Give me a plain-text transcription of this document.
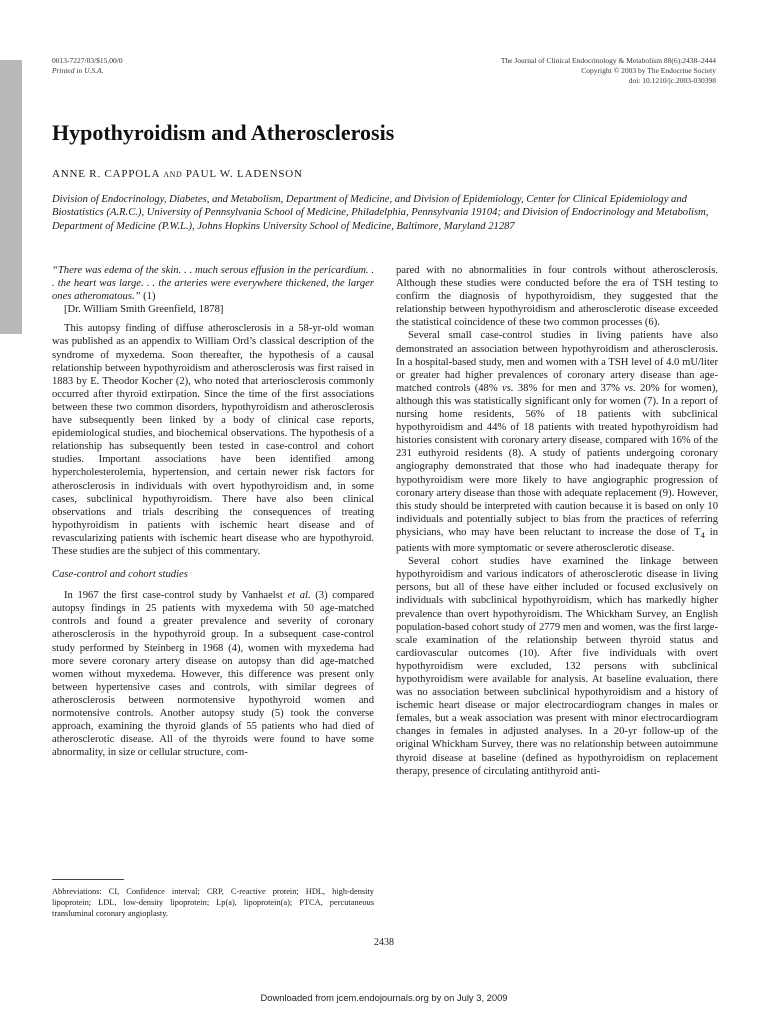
0013-7227/03/$15.00/0
Printed in U.S.A.
The Journal of Clinical Endocrinology & Metabolism 88(6):2438–2444
Copyright © 2003 by The Endocrine Society
doi: 10.1210/jc.2003-030398
Hypothyroidism and Atherosclerosis
ANNE R. CAPPOLA AND PAUL W. LADENSON
Division of Endocrinology, Diabetes, and Metabolism, Department of Medicine, and Division of Epidemiology, Center for Clinical Epidemiology and Biostatistics (A.R.C.), University of Pennsylvania School of Medicine, Philadelphia, Pennsylvania 19104; and Division of Endocrinology and Metabolism, Department of Medicine (P.W.L.), Johns Hopkins University School of Medicine, Baltimore, Maryland 21287

“There was edema of the skin. . . much serous effusion in the pericardium. . . the heart was large. . . the arteries were everywhere thickened, the larger ones atheromatous.” (1)

[Dr. William Smith Greenfield, 1878]

This autopsy finding of diffuse atherosclerosis in a 58-yr-old woman was published as an appendix to William Ord’s classical description of the syndrome of myxedema. Soon thereafter, the hypothesis of a causal relationship between hypothyroidism and atherosclerosis was first raised in 1883 by E. Theodor Kocher (2), who noted that arteriosclerosis commonly occurred after thyroid extirpation. Since the time of the first associations between these two common disorders, hypothyroidism and atherosclerosis have subsequently been linked by a body of clinical case reports, epidemiological studies, and biochemical observations. The hypothesis of a relationship has subsequently been tested in case-control and cohort studies. Important associations have been identified among hypercholesterolemia, hypertension, and certain newer risk factors for atherosclerosis in individuals with overt hypothyroidism and, in some cases, subclinical hypothyroidism. There have also been clinical observations and trials describing the consequences of treating hypothyroidism in patients with ischemic heart disease and of revascularizing patients with ischemic heart disease who are hypothyroid. These studies are the subject of this commentary.

Case-control and cohort studies

In 1967 the first case-control study by Vanhaelst et al. (3) compared autopsy findings in 25 patients with myxedema with 50 age-matched controls and found a greater prevalence and severity of coronary atherosclerosis in the hypothyroid group. In a subsequent case-control study performed by Steinberg in 1968 (4), women with myxedema had more severe coronary artery disease on autopsy than did age-matched women without myxedema. However, this difference was present only between hypertensive cases and controls, with similar degrees of atherosclerosis between normotensive hypothyroid women and normotensive controls. Another autopsy study (5) took the converse approach, examining the thyroid glands of 55 patients who had died of atherosclerotic disease. All of the thyroids were found to have some abnormality, in size or cellular structure, com-

Abbreviations: CI, Confidence interval; CRP, C-reactive protein; HDL, high-density lipoprotein; LDL, low-density lipoprotein; Lp(a), lipoprotein(a); PTCA, percutaneous transluminal coronary angioplasty.

pared with no abnormalities in four controls without atherosclerosis. Although these studies were conducted before the era of TSH testing to confirm the diagnosis of hypothyroidism, they suggested that the relationship between hypothyroidism and atherosclerotic disease exceeded the statistical coincidence of these two common processes (6).

Several small case-control studies in living patients have also demonstrated an association between hypothyroidism and atherosclerosis. In a hospital-based study, men and women with a TSH level of 4.0 mU/liter or greater had higher prevalences of coronary artery disease than age-matched controls (48% vs. 38% for men and 37% vs. 20% for women), although this was statistically significant only for women (7). In a report of nursing home residents, 56% of 18 patients with subclinical hypothyroidism and 44% of 18 patients with treated hypothyroidism had histories consistent with coronary artery disease, compared with 16% of the 231 euthyroid residents (8). A study of patients undergoing coronary angiography demonstrated that those who had inadequate therapy for hypothyroidism were more likely to have angiographic progression of coronary artery disease than those with adequate replacement (9). However, this study should be interpreted with caution because it is based on only 10 individuals and potentially subject to bias from the practices of referring physicians, who may have been reluctant to increase the dose of $T_4$ in patients with more symptomatic or severe atherosclerotic disease.

Several cohort studies have examined the linkage between hypothyroidism and various indicators of atherosclerotic disease in living persons, but all of these have either included or focused exclusively on individuals with subclinical hypothyroidism, which has markedly higher prevalence than overt hypothyroidism. The Whickham Survey, an English population-based cohort study of 2779 men and women, was the first large-scale examination of the relationship between thyroid status and cardiovascular outcomes (10). After five individuals with overt hypothyroidism were excluded, 132 persons with subclinical hypothyroidism were available for analysis. At baseline evaluation, there was no association between subclinical hypothyroidism and a history of ischemic heart disease or major electrocardiogram changes in males or females, but a weak association was present with minor electrocardiogram changes in females in adjusted analyses. In a 20-yr follow-up of the original Whickham Survey, there was no relationship between autoimmune thyroid disease at baseline (defined as hypothyroidism on replacement therapy, presence of circulating antithyroid anti-

2438
Downloaded from jcem.endojournals.org by on July 3, 2009
